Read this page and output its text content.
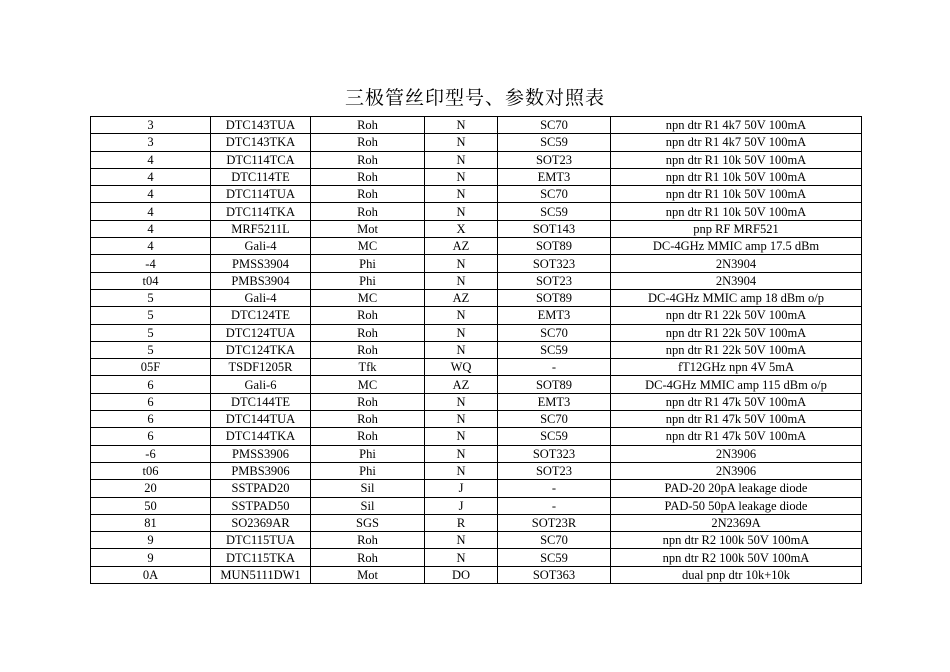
三极管丝印型号、参数对照表
3	DTC143TUA	Roh	N	SC70	npn dtr R1 4k7 50V 100mA
3	DTC143TKA	Roh	N	SC59	npn dtr R1 4k7 50V 100mA
4	DTC114TCA	Roh	N	SOT23	npn dtr R1 10k 50V 100mA
4	DTC114TE	Roh	N	EMT3	npn dtr R1 10k 50V 100mA
4	DTC114TUA	Roh	N	SC70	npn dtr R1 10k 50V 100mA
4	DTC114TKA	Roh	N	SC59	npn dtr R1 10k 50V 100mA
4	MRF5211L	Mot	X	SOT143	pnp RF MRF521
4	Gali-4	MC	AZ	SOT89	DC-4GHz MMIC amp 17.5 dBm
-4	PMSS3904	Phi	N	SOT323	2N3904
t04	PMBS3904	Phi	N	SOT23	2N3904
5	Gali-4	MC	AZ	SOT89	DC-4GHz MMIC amp 18 dBm o/p
5	DTC124TE	Roh	N	EMT3	npn dtr R1 22k 50V 100mA
5	DTC124TUA	Roh	N	SC70	npn dtr R1 22k 50V 100mA
5	DTC124TKA	Roh	N	SC59	npn dtr R1 22k 50V 100mA
05F	TSDF1205R	Tfk	WQ	-	fT12GHz npn 4V 5mA
6	Gali-6	MC	AZ	SOT89	DC-4GHz MMIC amp 115 dBm o/p
6	DTC144TE	Roh	N	EMT3	npn dtr R1 47k 50V 100mA
6	DTC144TUA	Roh	N	SC70	npn dtr R1 47k 50V 100mA
6	DTC144TKA	Roh	N	SC59	npn dtr R1 47k 50V 100mA
-6	PMSS3906	Phi	N	SOT323	2N3906
t06	PMBS3906	Phi	N	SOT23	2N3906
20	SSTPAD20	Sil	J	-	PAD-20 20pA leakage diode
50	SSTPAD50	Sil	J	-	PAD-50 50pA leakage diode
81	SO2369AR	SGS	R	SOT23R	2N2369A
9	DTC115TUA	Roh	N	SC70	npn dtr R2 100k 50V 100mA
9	DTC115TKA	Roh	N	SC59	npn dtr R2 100k 50V 100mA
0A	MUN5111DW1	Mot	DO	SOT363	dual pnp dtr 10k+10k
